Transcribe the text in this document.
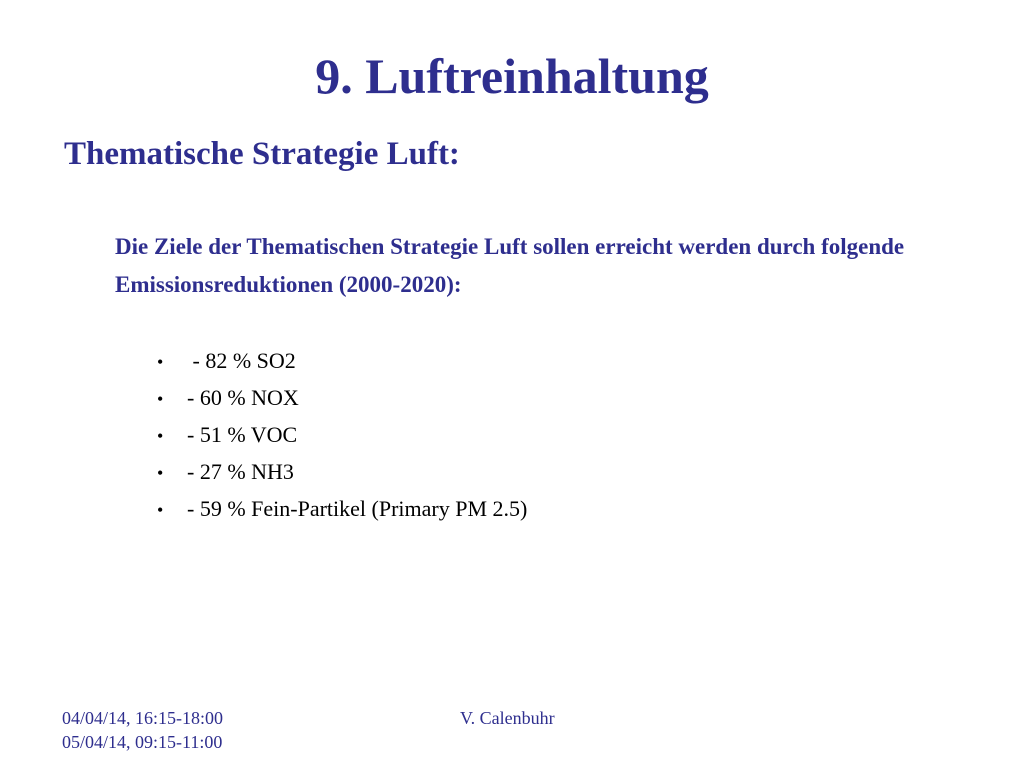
9. Luftreinhaltung
Thematische Strategie Luft:

Die Ziele der Thematischen Strategie Luft sollen erreicht werden durch folgende Emissionsreduktionen (2000-2020):

•	- 82 % SO2
•	- 60 % NOX
•	- 51 % VOC
•	- 27 % NH3
•	- 59 % Fein-Partikel (Primary PM 2.5)
04/04/14, 16:15-18:00
05/04/14, 09:15-11:00
V. Calenbuhr
